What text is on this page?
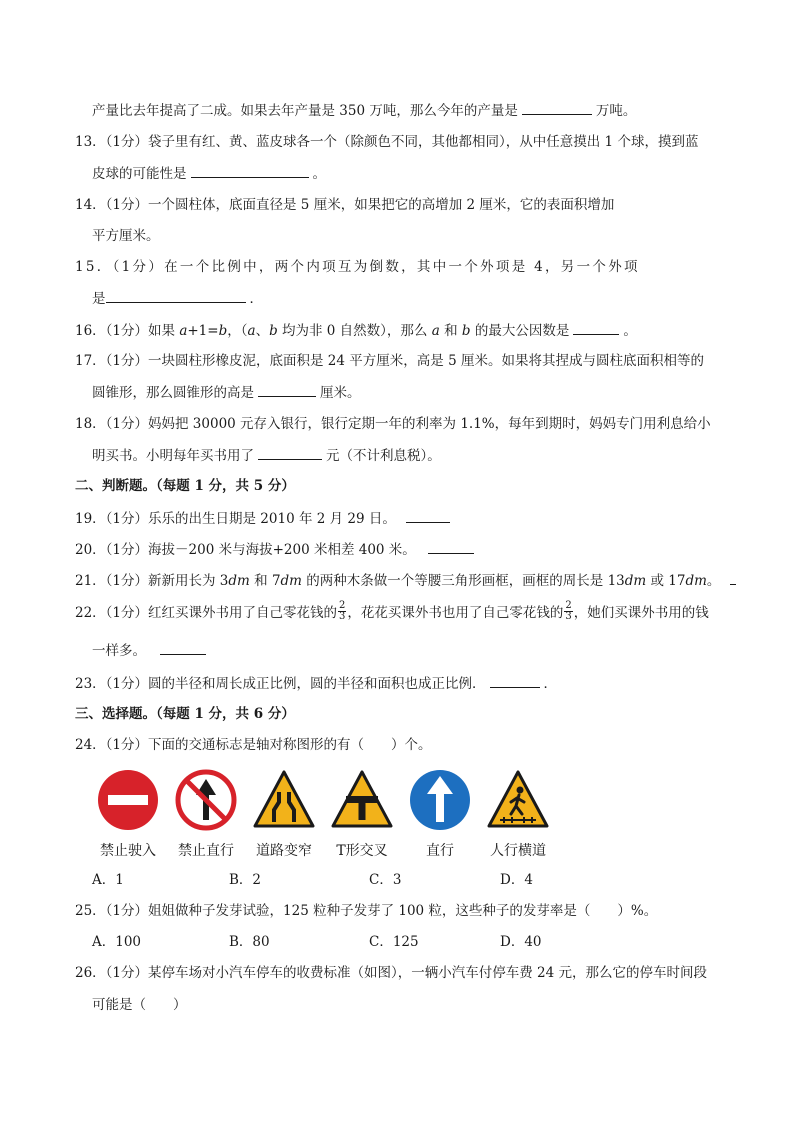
产量比去年提高了二成。如果去年产量是 350 万吨，那么今年的产量是	万吨。
13．（1分）袋子里有红、黄、蓝皮球各一个（除颜色不同，其他都相同），从中任意摸出 1 个球，摸到蓝
皮球的可能性是	。
14．（1分）一个圆柱体，底面直径是 5 厘米，如果把它的高增加 2 厘米，它的表面积增加
平方厘米。
15．（1分）在一个比例中，两个内项互为倒数，其中一个外项是 4，另一个外项
是	．
16．（1分）如果 a+1=b，（a、b 均为非 0 自然数），那么 a 和 b 的最大公因数是	。
17．（1分）一块圆柱形橡皮泥，底面积是 24 平方厘米，高是 5 厘米。如果将其捏成与圆柱底面积相等的
圆锥形，那么圆锥形的高是	厘米。
18．（1分）妈妈把 30000 元存入银行，银行定期一年的利率为 1.1%，每年到期时，妈妈专门用利息给小
明买书。小明每年买书用了	元（不计利息税）。
二、判断题。（每题 1 分，共 5 分）
19．（1分）乐乐的出生日期是 2010 年 2 月 29 日。
20．（1分）海拔－200 米与海拔+200 米相差 400 米。
21．（1分）新新用长为 3dm 和 7dm 的两种木条做一个等腰三角形画框，画框的周长是 13dm 或 17dm。
22．（1分）红红买课外书用了自己零花钱的 $\frac{2}{3}$ ，花花买课外书也用了自己零花钱的 $\frac{2}{3}$ ，她们买课外书用的钱
一样多。
23．（1分）圆的半径和周长成正比例，圆的半径和面积也成正比例．	．
三、选择题。（每题 1 分，共 6 分）
24．（1分）下面的交通标志是轴对称图形的有（　　）个。
禁止驶入	禁止直行	道路变窄	T形交叉	直行	人行横道
A．1	B．2	C．3	D．4
25．（1分）姐姐做种子发芽试验，125 粒种子发芽了 100 粒，这些种子的发芽率是（　　）%。
A．100	B．80	C．125	D．40
26．（1分）某停车场对小汽车停车的收费标准（如图），一辆小汽车付停车费 24 元，那么它的停车时间段
可能是（　　）
